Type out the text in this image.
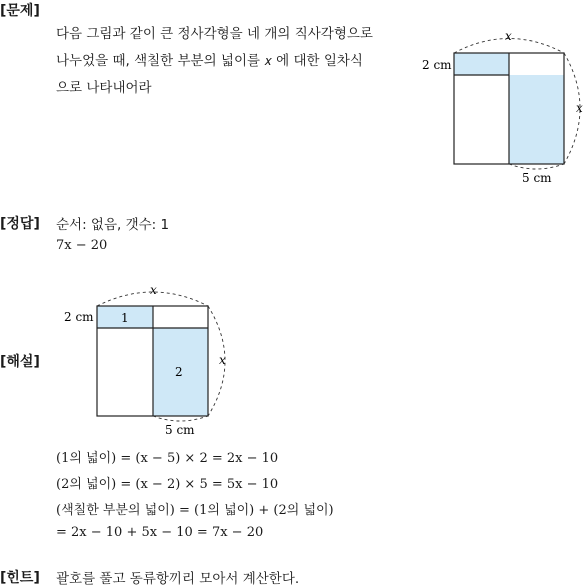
[문제]
다음 그림과 같이 큰 정사각형을 네 개의 직사각형으로
나누었을 때, 색칠한 부분의 넓이를 𝑥 에 대한 일차식
으로 나타내어라
x
x
2 cm
5 cm
[정답] 순서: 없음, 갯수: 1
7x − 20
[해설]
x
x
2 cm
5 cm
1
2
(1의 넓이) = (x − 5) × 2 = 2x − 10
(2의 넓이) = (x − 2) × 5 = 5x − 10
(색칠한 부분의 넓이) = (1의 넓이) + (2의 넓이)
= 2x − 10 + 5x − 10 = 7x − 20
[힌트] 괄호를 풀고 동류항끼리 모아서 계산한다.
